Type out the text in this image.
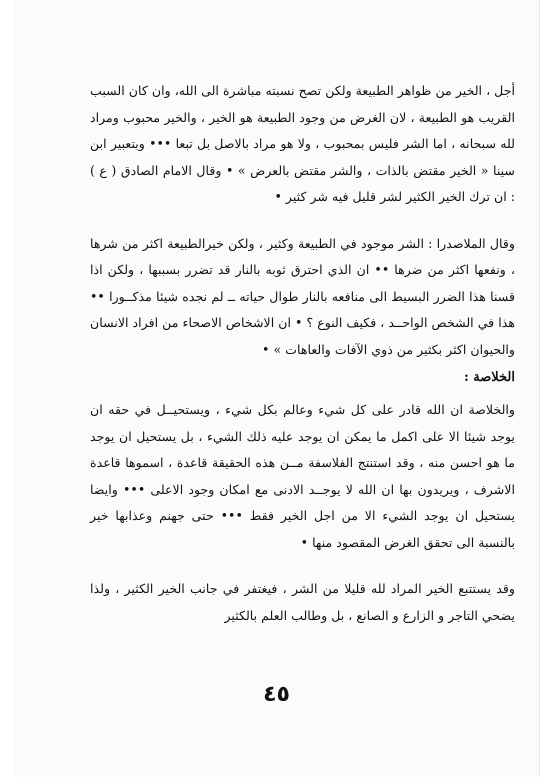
أجل ، الخير من ظواهر الطبيعة ولكن تصح نسبته مباشرة الى الله، وان كان السبب القريب هو الطبيعة ، لان الغرض من وجود الطبيعة هو الخير ، والخير محبوب ومراد لله سبحانه ، اما الشر فليس بمحبوب ، ولا هو مراد بالاصل بل تبعا ••• وبتعبير ابن سينا « الخير مقتض بالذات ، والشر مقتض بالعرض » • وقال الامام الصادق ( ع ) : ان ترك الخير الكثير لشر قليل فيه شر كثير •

وقال الملاصدرا : الشر موجود في الطبيعة وكثير ، ولكن خيرالطبيعة اكثر من شرها ، ونفعها اكثر من ضرها •• ان الذي احترق ثوبه بالنار قد تضرر بسببها ، ولكن اذا قسنا هذا الضرر البسيط الى منافعه بالنار طوال حياته ــ لم نجده شيئا مذكــورا •• هذا في الشخص الواحــد ، فكيف النوع ؟ • ان الاشخاص الاصحاء من افراد الانسان والحيوان اكثر بكثير من ذوي الآفات والعاهات » •

الخلاصة :

والخلاصة ان الله قادر على كل شيء وعالم بكل شيء ، ويستحيــل في حقه ان يوجد شيئا الا على اكمل ما يمكن ان يوجد عليه ذلك الشيء ، بل يستحيل ان يوجد ما هو احسن منه ، وقد استنتج الفلاسفة مــن هذه الحقيقة قاعدة ، اسموها قاعدة الاشرف ، ويريدون بها ان الله لا يوجــد الادنى مع امكان وجود الاعلى ••• وايضا يستحيل ان يوجد الشيء الا من اجل الخير فقط ••• حتى جهنم وعذابها خير بالنسبة الى تحقق الغرض المقصود منها •

وقد يستتبع الخير المراد لله قليلا من الشر ، فيغتفر في جانب الخير الكثير ، ولذا يضحي التاجر و الزارع و الصانع ، بل وطالب العلم بالكثير

٤٥
